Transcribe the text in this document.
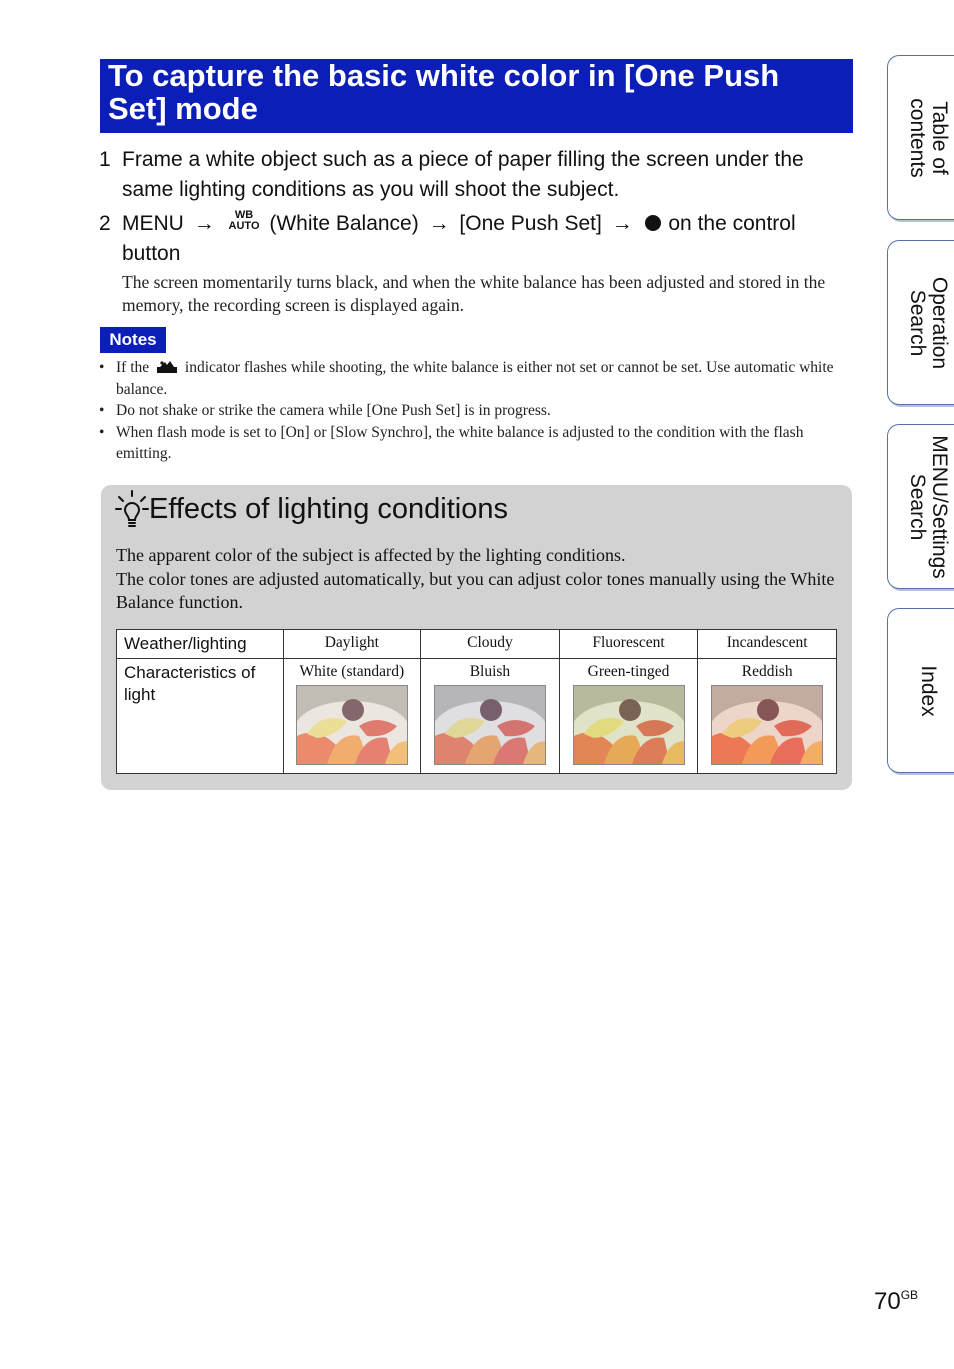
To capture the basic white color in [One Push Set] mode
1 Frame a white object such as a piece of paper filling the screen under the same lighting conditions as you will shoot the subject.
2 MENU → WB
AUTO (White Balance) → [One Push Set] → on the control button
The screen momentarily turns black, and when the white balance has been adjusted and stored in the memory, the recording screen is displayed again.
Notes
• If the indicator flashes while shooting, the white balance is either not set or cannot be set. Use automatic white balance.
• Do not shake or strike the camera while [One Push Set] is in progress.
• When flash mode is set to [On] or [Slow Synchro], the white balance is adjusted to the condition with the flash emitting.
Effects of lighting conditions
The apparent color of the subject is affected by the lighting conditions.
The color tones are adjusted automatically, but you can adjust color tones manually using the White Balance function.
Weather/lighting	Daylight	Cloudy	Fluorescent	Incandescent
Characteristics of light	White (standard)	Bluish	Green-tinged	Reddish
Table of
contents
Operation
Search
MENU/Settings
Search
Index
$70^{GB}$
